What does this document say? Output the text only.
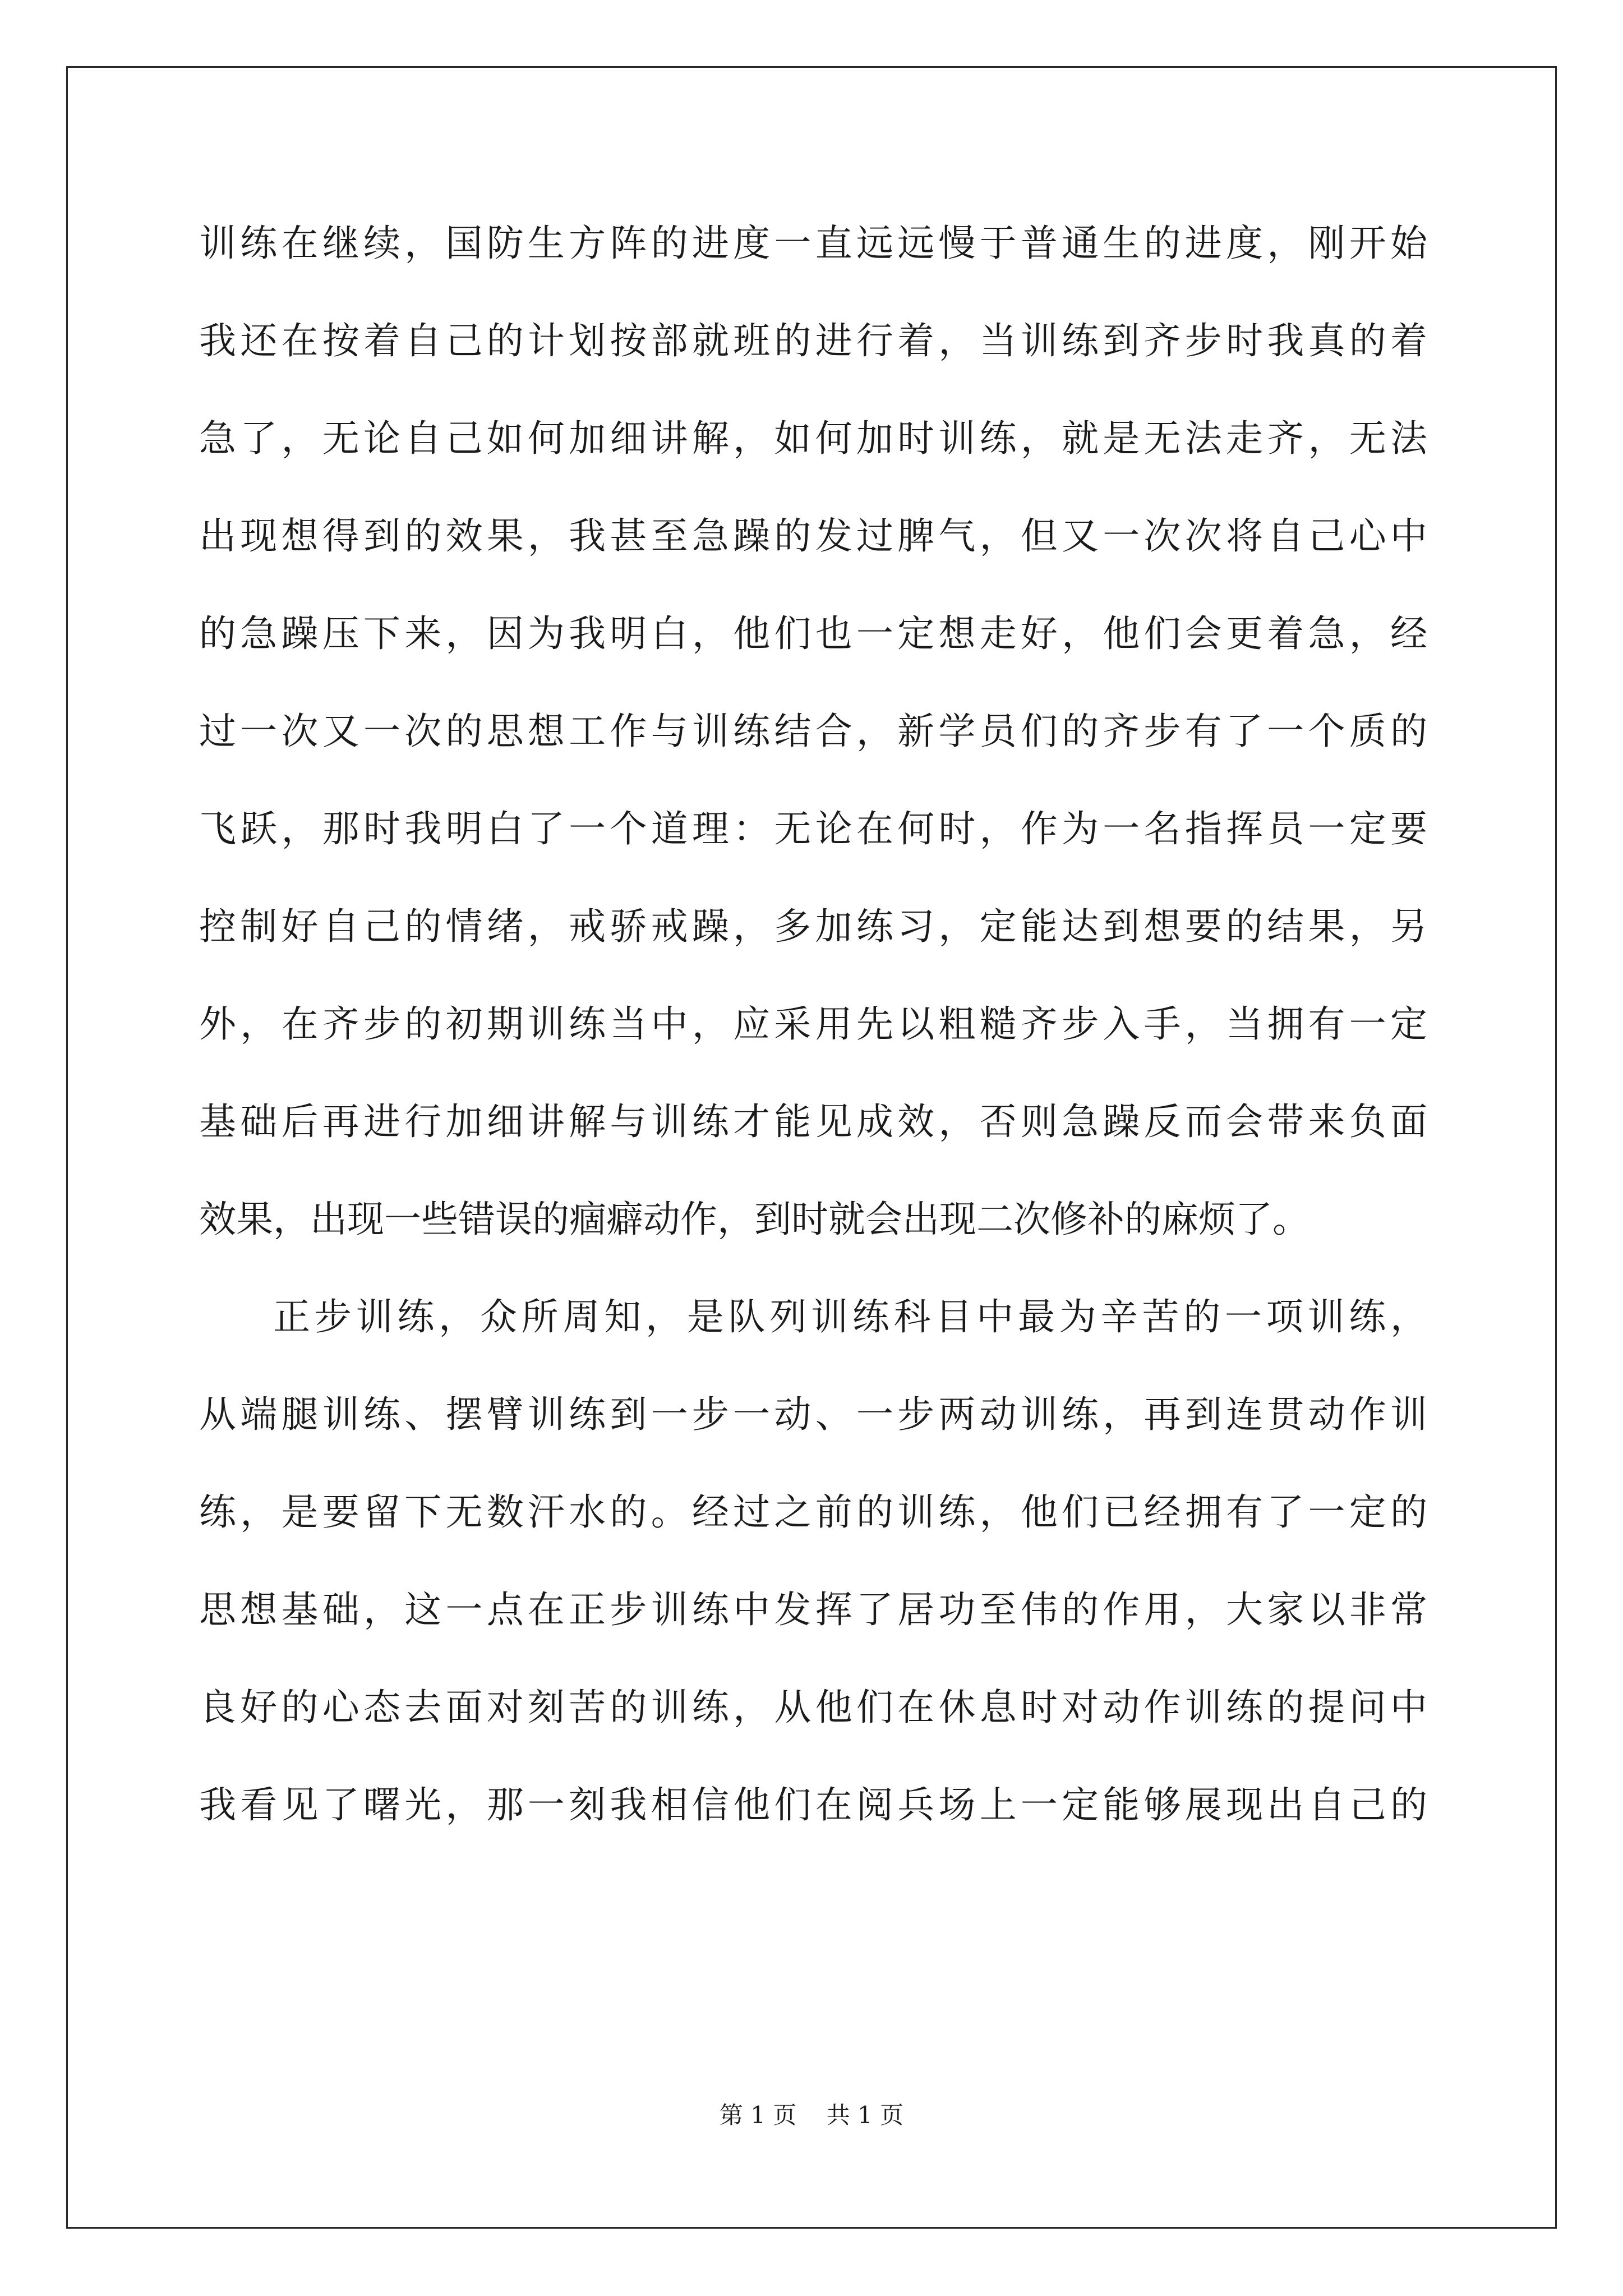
训练在继续，国防生方阵的进度一直远远慢于普通生的进度，刚开始
我还在按着自己的计划按部就班的进行着，当训练到齐步时我真的着
急了，无论自己如何加细讲解，如何加时训练，就是无法走齐，无法
出现想得到的效果，我甚至急躁的发过脾气，但又一次次将自己心中
的急躁压下来，因为我明白，他们也一定想走好，他们会更着急，经
过一次又一次的思想工作与训练结合，新学员们的齐步有了一个质的
飞跃，那时我明白了一个道理：无论在何时，作为一名指挥员一定要
控制好自己的情绪，戒骄戒躁，多加练习，定能达到想要的结果，另
外，在齐步的初期训练当中，应采用先以粗糙齐步入手，当拥有一定
基础后再进行加细讲解与训练才能见成效，否则急躁反而会带来负面
效果，出现一些错误的痼癖动作，到时就会出现二次修补的麻烦了。
正步训练，众所周知，是队列训练科目中最为辛苦的一项训练，
从端腿训练、摆臂训练到一步一动、一步两动训练，再到连贯动作训
练，是要留下无数汗水的。经过之前的训练，他们已经拥有了一定的
思想基础，这一点在正步训练中发挥了居功至伟的作用，大家以非常
良好的心态去面对刻苦的训练，从他们在休息时对动作训练的提问中
我看见了曙光，那一刻我相信他们在阅兵场上一定能够展现出自己的
第 1 页    共 1 页
